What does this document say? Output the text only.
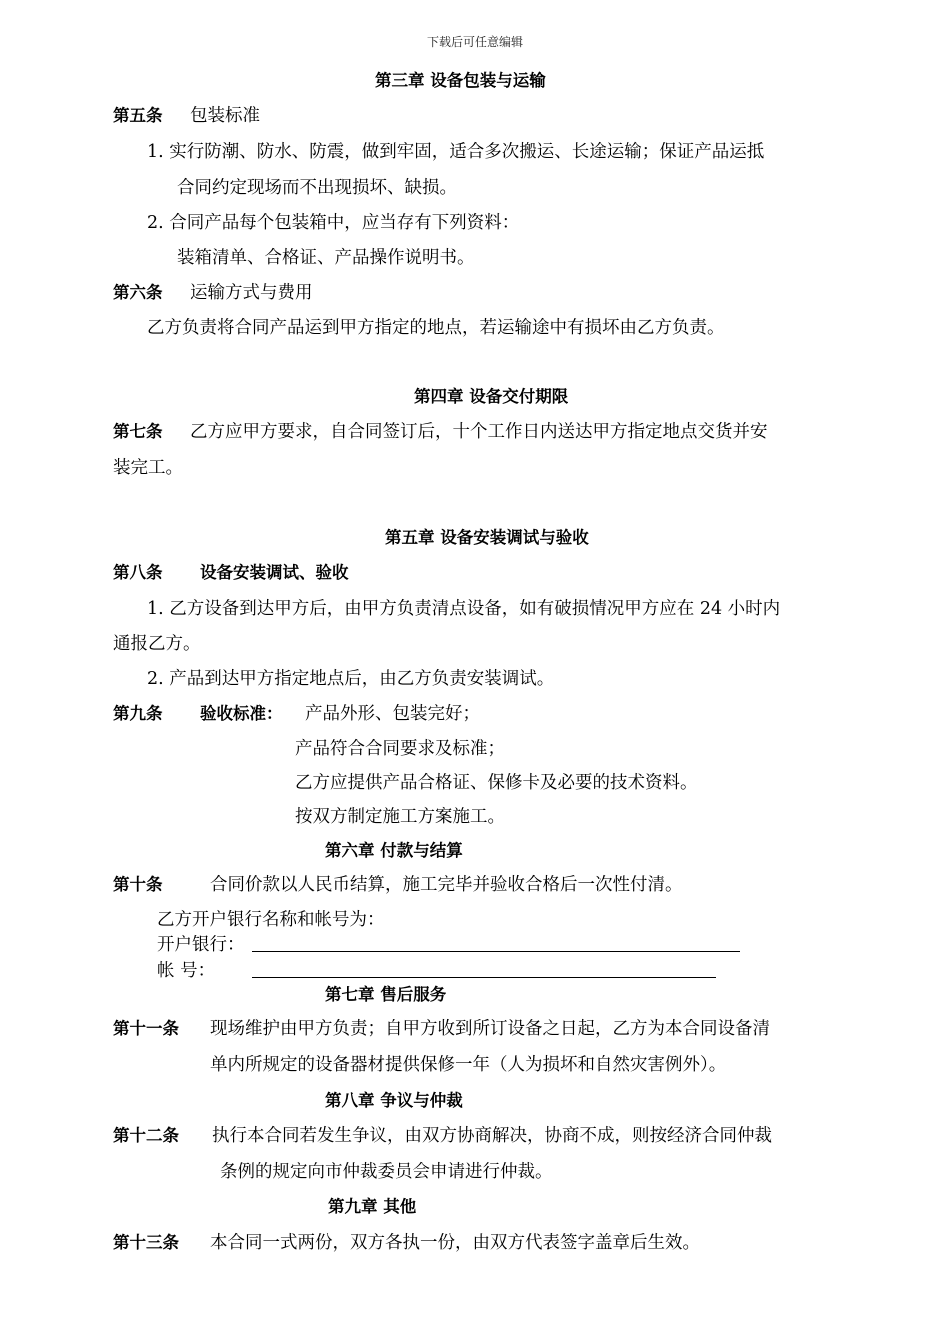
下载后可任意编辑
第三章 设备包装与运输
第五条 包装标准
1. 实行防潮、防水、防震，做到牢固，适合多次搬运、长途运输；保证产品运抵
合同约定现场而不出现损坏、缺损。
2. 合同产品每个包装箱中，应当存有下列资料：
装箱清单、合格证、产品操作说明书。
第六条 运输方式与费用
乙方负责将合同产品运到甲方指定的地点，若运输途中有损坏由乙方负责。
第四章 设备交付期限
第七条 乙方应甲方要求，自合同签订后，十个工作日内送达甲方指定地点交货并安
装完工。
第五章 设备安装调试与验收
第八条 设备安装调试、验收
1. 乙方设备到达甲方后，由甲方负责清点设备，如有破损情况甲方应在 24 小时内
通报乙方。
2. 产品到达甲方指定地点后，由乙方负责安装调试。
第九条 验收标准： 产品外形、包装完好；
产品符合合同要求及标准；
乙方应提供产品合格证、保修卡及必要的技术资料。
按双方制定施工方案施工。
第六章 付款与结算
第十条	合同价款以人民币结算，施工完毕并验收合格后一次性付清。
乙方开户银行名称和帐号为：
开户银行：
帐 号：
第七章 售后服务
第十一条 现场维护由甲方负责；自甲方收到所订设备之日起，乙方为本合同设备清
单内所规定的设备器材提供保修一年（人为损坏和自然灾害例外）。
第八章 争议与仲裁
第十二条 执行本合同若发生争议，由双方协商解决，协商不成，则按经济合同仲裁
条例的规定向市仲裁委员会申请进行仲裁。
第九章 其他
第十三条 本合同一式两份，双方各执一份，由双方代表签字盖章后生效。
